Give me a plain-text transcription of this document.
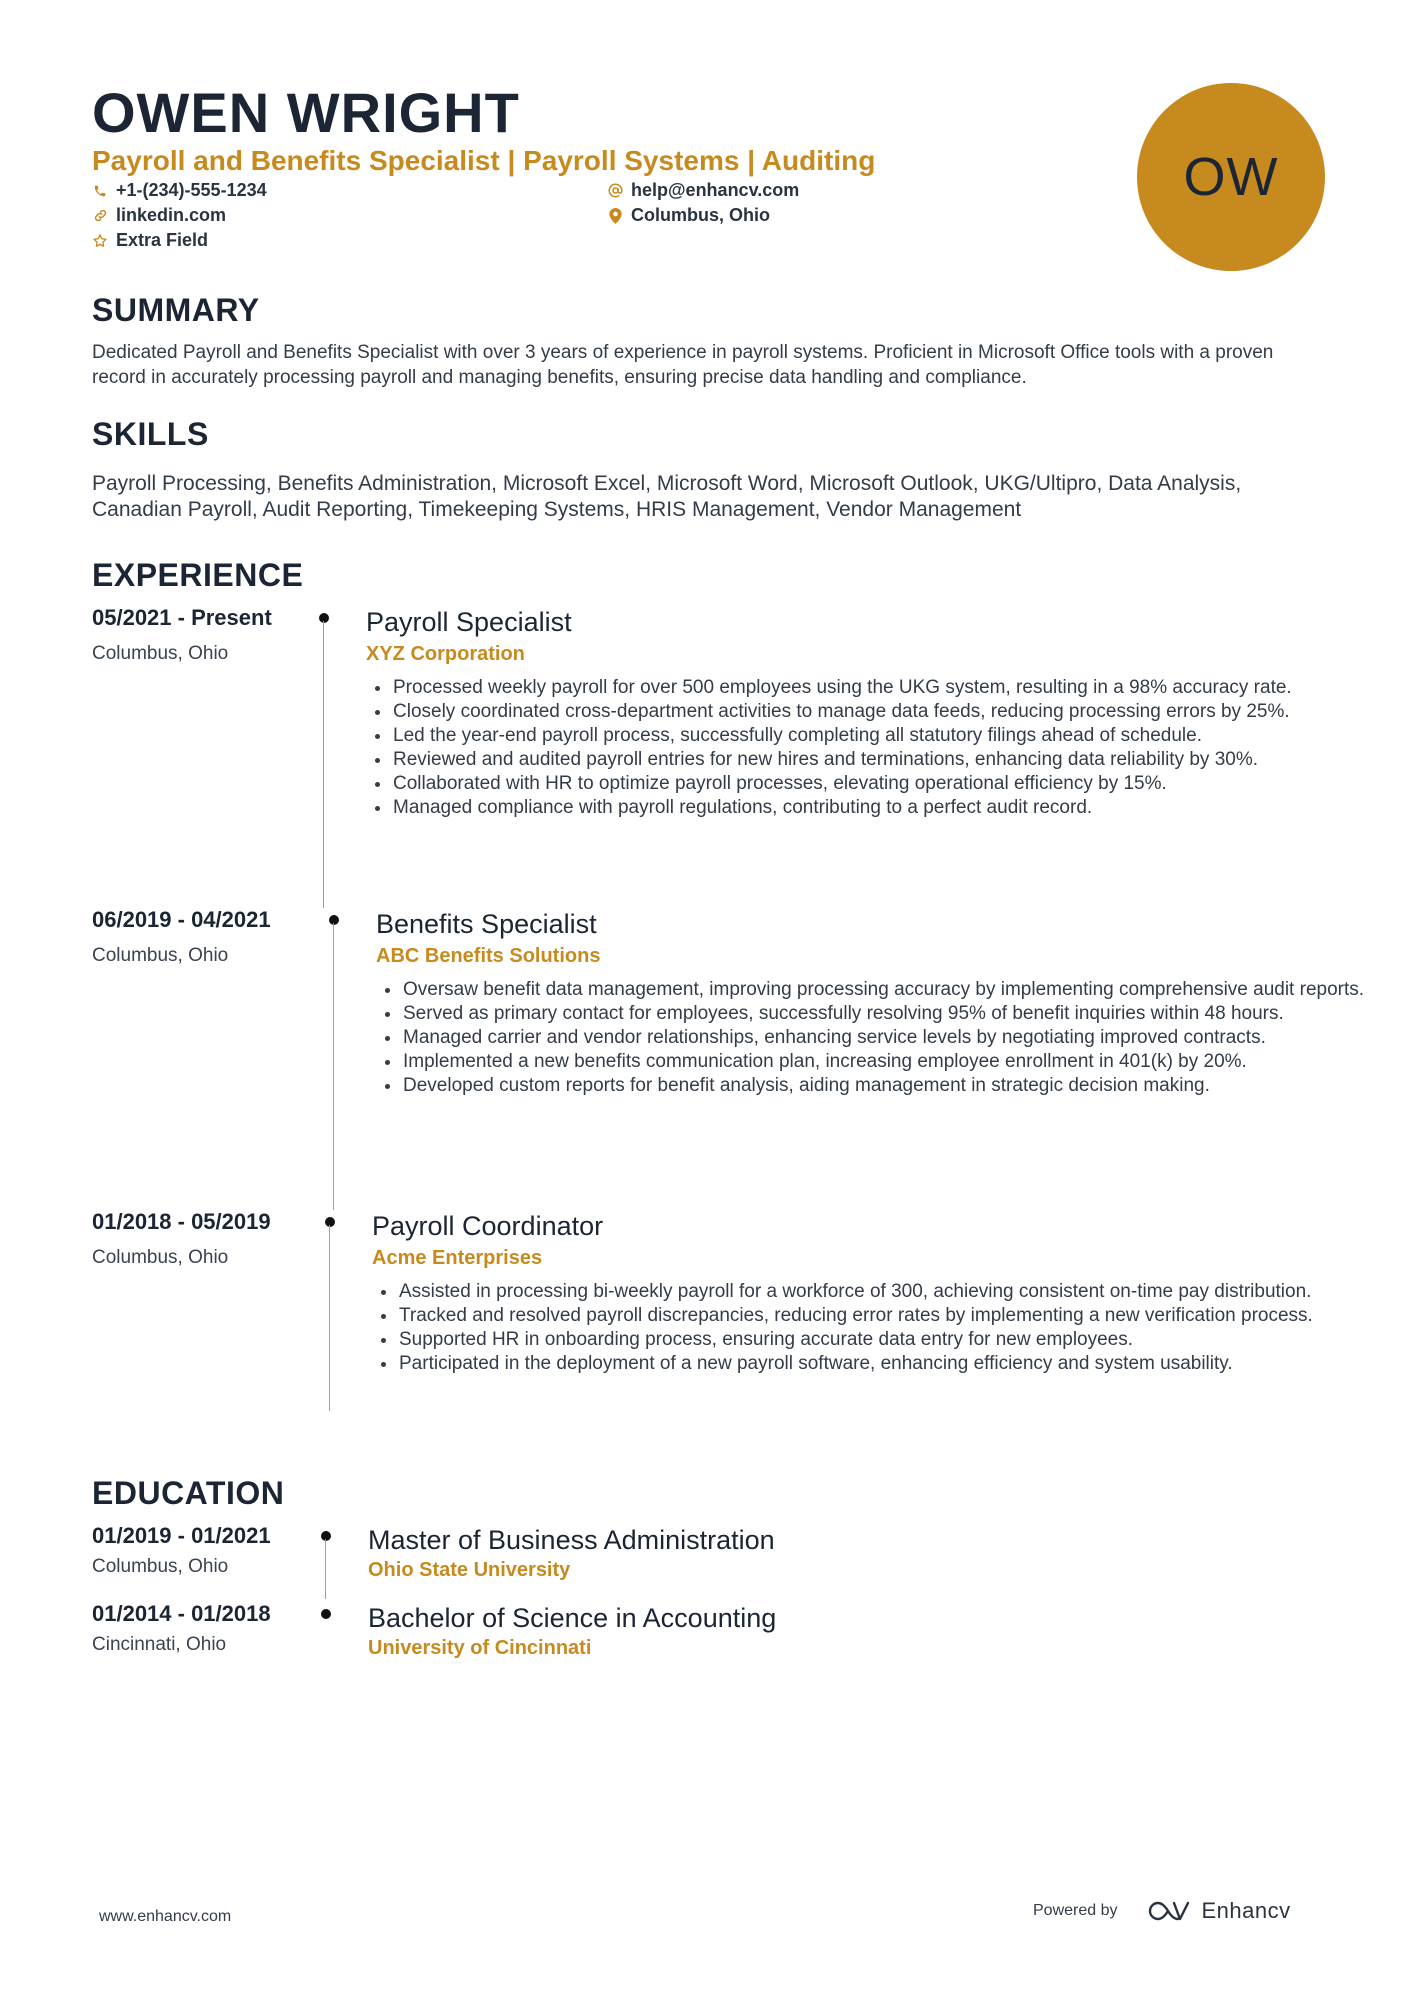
OWEN WRIGHT
Payroll and Benefits Specialist | Payroll Systems | Auditing
+1-(234)-555-1234
linkedin.com
Extra Field
help@enhancv.com
Columbus, Ohio
OW
SUMMARY
Dedicated Payroll and Benefits Specialist with over 3 years of experience in payroll systems. Proficient in Microsoft Office tools with a proven record in accurately processing payroll and managing benefits, ensuring precise data handling and compliance.
SKILLS
Payroll Processing, Benefits Administration, Microsoft Excel, Microsoft Word, Microsoft Outlook, UKG/Ultipro, Data Analysis, Canadian Payroll, Audit Reporting, Timekeeping Systems, HRIS Management, Vendor Management
EXPERIENCE
05/2021 - Present
Columbus, Ohio
Payroll Specialist
XYZ Corporation
Processed weekly payroll for over 500 employees using the UKG system, resulting in a 98% accuracy rate.
Closely coordinated cross-department activities to manage data feeds, reducing processing errors by 25%.
Led the year-end payroll process, successfully completing all statutory filings ahead of schedule.
Reviewed and audited payroll entries for new hires and terminations, enhancing data reliability by 30%.
Collaborated with HR to optimize payroll processes, elevating operational efficiency by 15%.
Managed compliance with payroll regulations, contributing to a perfect audit record.
06/2019 - 04/2021
Columbus, Ohio
Benefits Specialist
ABC Benefits Solutions
Oversaw benefit data management, improving processing accuracy by implementing comprehensive audit reports.
Served as primary contact for employees, successfully resolving 95% of benefit inquiries within 48 hours.
Managed carrier and vendor relationships, enhancing service levels by negotiating improved contracts.
Implemented a new benefits communication plan, increasing employee enrollment in 401(k) by 20%.
Developed custom reports for benefit analysis, aiding management in strategic decision making.
01/2018 - 05/2019
Columbus, Ohio
Payroll Coordinator
Acme Enterprises
Assisted in processing bi-weekly payroll for a workforce of 300, achieving consistent on-time pay distribution.
Tracked and resolved payroll discrepancies, reducing error rates by implementing a new verification process.
Supported HR in onboarding process, ensuring accurate data entry for new employees.
Participated in the deployment of a new payroll software, enhancing efficiency and system usability.
EDUCATION
01/2019 - 01/2021
Columbus, Ohio
Master of Business Administration
Ohio State University
01/2014 - 01/2018
Cincinnati, Ohio
Bachelor of Science in Accounting
University of Cincinnati
www.enhancv.com	Powered by	Enhancv
